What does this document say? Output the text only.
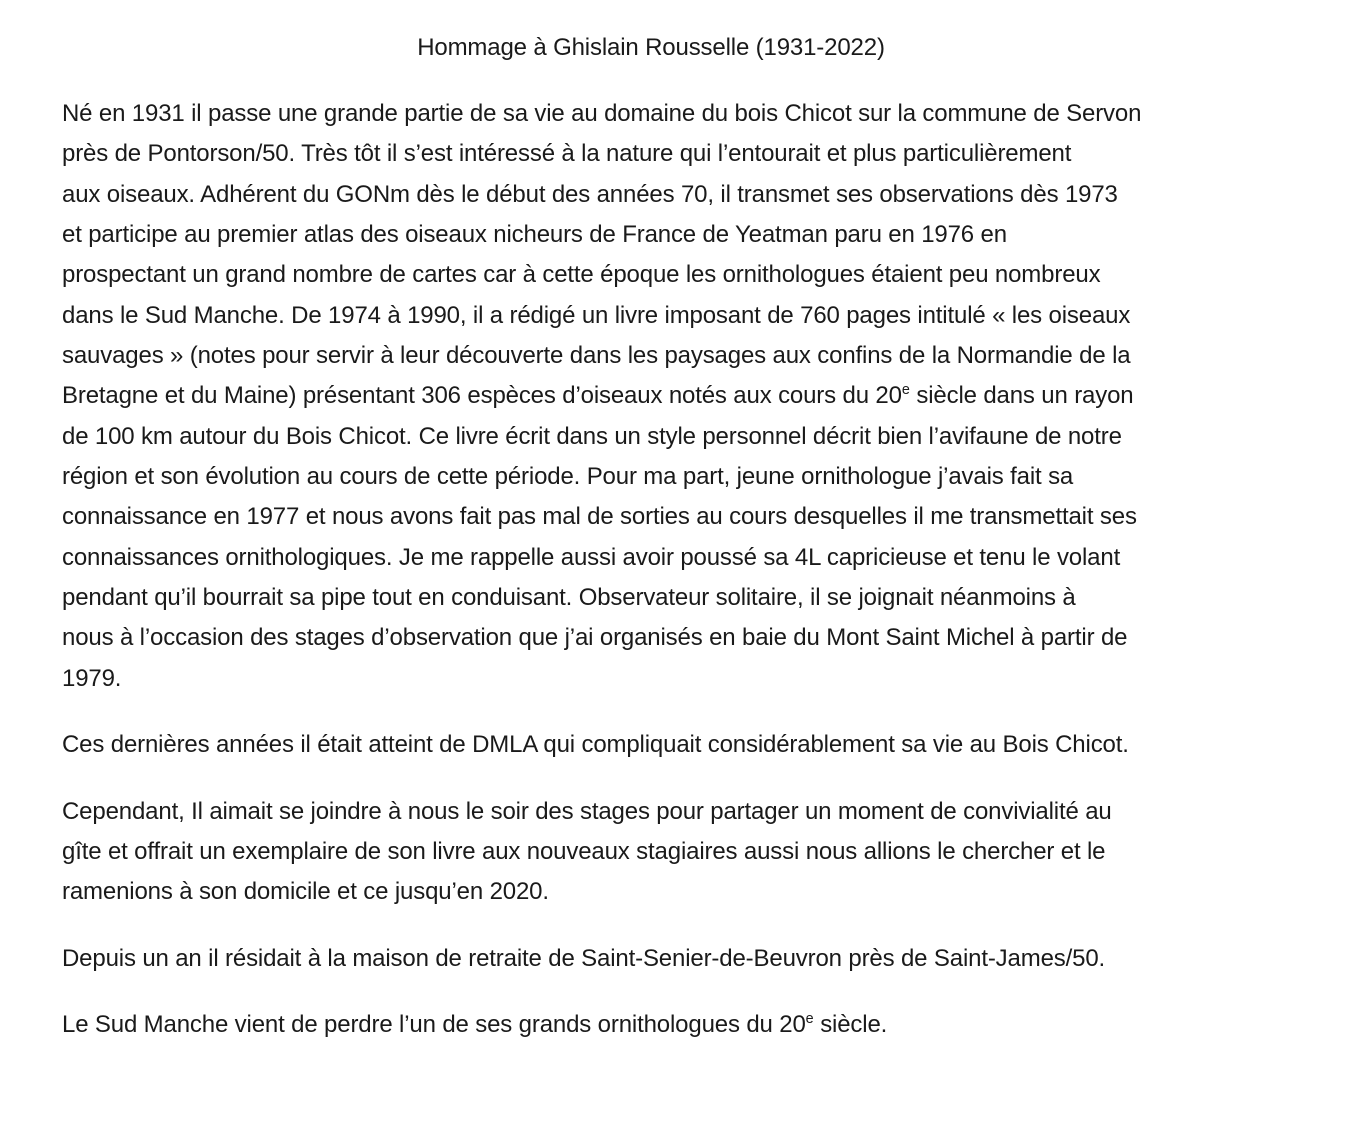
Hommage à Ghislain Rousselle (1931-2022)
Né en 1931 il passe une grande partie de sa vie au domaine du bois Chicot sur la commune de Servon
près de Pontorson/50. Très tôt il s’est intéressé à la nature qui l’entourait et plus particulièrement
aux oiseaux. Adhérent du GONm dès le début des années 70, il transmet ses observations dès 1973
et participe au premier atlas des oiseaux nicheurs de France de Yeatman paru en 1976 en
prospectant un grand nombre de cartes car à cette époque les ornithologues étaient peu nombreux
dans le Sud Manche. De 1974 à 1990, il a rédigé un livre imposant de 760 pages intitulé « les oiseaux
sauvages » (notes pour servir à leur découverte dans les paysages aux confins de la Normandie de la
Bretagne et du Maine) présentant 306 espèces d’oiseaux notés aux cours du 20e siècle dans un rayon
de 100 km autour du Bois Chicot. Ce livre écrit dans un style personnel décrit bien l’avifaune de notre
région et son évolution au cours de cette période. Pour ma part, jeune ornithologue j’avais fait sa
connaissance en 1977 et nous avons fait pas mal de sorties au cours desquelles il me transmettait ses
connaissances ornithologiques. Je me rappelle aussi avoir poussé sa 4L capricieuse et tenu le volant
pendant qu’il bourrait sa pipe tout en conduisant. Observateur solitaire, il se joignait néanmoins à
nous à l’occasion des stages d’observation que j’ai organisés en baie du Mont Saint Michel à partir de
1979.
Ces dernières années il était atteint de DMLA qui compliquait considérablement sa vie au Bois Chicot.
Cependant, Il aimait se joindre à nous le soir des stages pour partager un moment de convivialité au
gîte et offrait un exemplaire de son livre aux nouveaux stagiaires aussi nous allions le chercher et le
ramenions à son domicile et ce jusqu’en 2020.
Depuis un an il résidait à la maison de retraite de Saint-Senier-de-Beuvron près de Saint-James/50.
Le Sud Manche vient de perdre l’un de ses grands ornithologues du 20e siècle.
